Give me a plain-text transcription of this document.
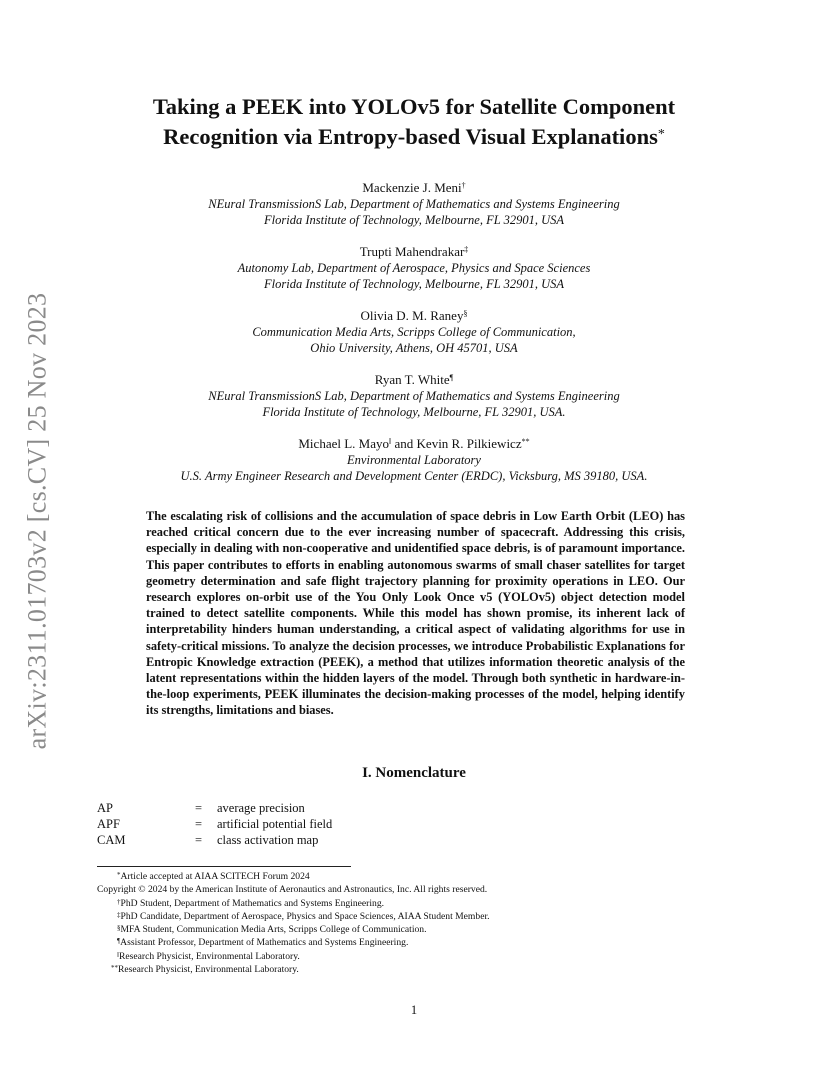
arXiv:2311.01703v2 [cs.CV] 25 Nov 2023
Taking a PEEK into YOLOv5 for Satellite Component
Recognition via Entropy-based Visual Explanations*
Mackenzie J. Meni†
NEural TransmissionS Lab, Department of Mathematics and Systems Engineering
Florida Institute of Technology, Melbourne, FL 32901, USA
Trupti Mahendrakar‡
Autonomy Lab, Department of Aerospace, Physics and Space Sciences
Florida Institute of Technology, Melbourne, FL 32901, USA
Olivia D. M. Raney§
Communication Media Arts, Scripps College of Communication,
Ohio University, Athens, OH 45701, USA
Ryan T. White¶
NEural TransmissionS Lab, Department of Mathematics and Systems Engineering
Florida Institute of Technology, Melbourne, FL 32901, USA.
Michael L. Mayo‖ and Kevin R. Pilkiewicz**
Environmental Laboratory
U.S. Army Engineer Research and Development Center (ERDC), Vicksburg, MS 39180, USA.

The escalating risk of collisions and the accumulation of space debris in Low Earth Orbit (LEO) has reached critical concern due to the ever increasing number of spacecraft. Addressing this crisis, especially in dealing with non-cooperative and unidentified space debris, is of paramount importance. This paper contributes to efforts in enabling autonomous swarms of small chaser satellites for target geometry determination and safe flight trajectory planning for proximity operations in LEO. Our research explores on-orbit use of the You Only Look Once v5 (YOLOv5) object detection model trained to detect satellite components. While this model has shown promise, its inherent lack of interpretability hinders human understanding, a critical aspect of validating algorithms for use in safety-critical missions. To analyze the decision processes, we introduce Probabilistic Explanations for Entropic Knowledge extraction (PEEK), a method that utilizes information theoretic analysis of the latent representations within the hidden layers of the model. Through both synthetic in hardware-in-the-loop experiments, PEEK illuminates the decision-making processes of the model, helping identify its strengths, limitations and biases.

I. Nomenclature
AP	=	average precision
APF	=	artificial potential field
CAM	=	class activation map
*Article accepted at AIAA SCITECH Forum 2024
Copyright © 2024 by the American Institute of Aeronautics and Astronautics, Inc. All rights reserved.
†PhD Student, Department of Mathematics and Systems Engineering.
‡PhD Candidate, Department of Aerospace, Physics and Space Sciences, AIAA Student Member.
§MFA Student, Communication Media Arts, Scripps College of Communication.
¶Assistant Professor, Department of Mathematics and Systems Engineering.
‖Research Physicist, Environmental Laboratory.
**Research Physicist, Environmental Laboratory.
1
